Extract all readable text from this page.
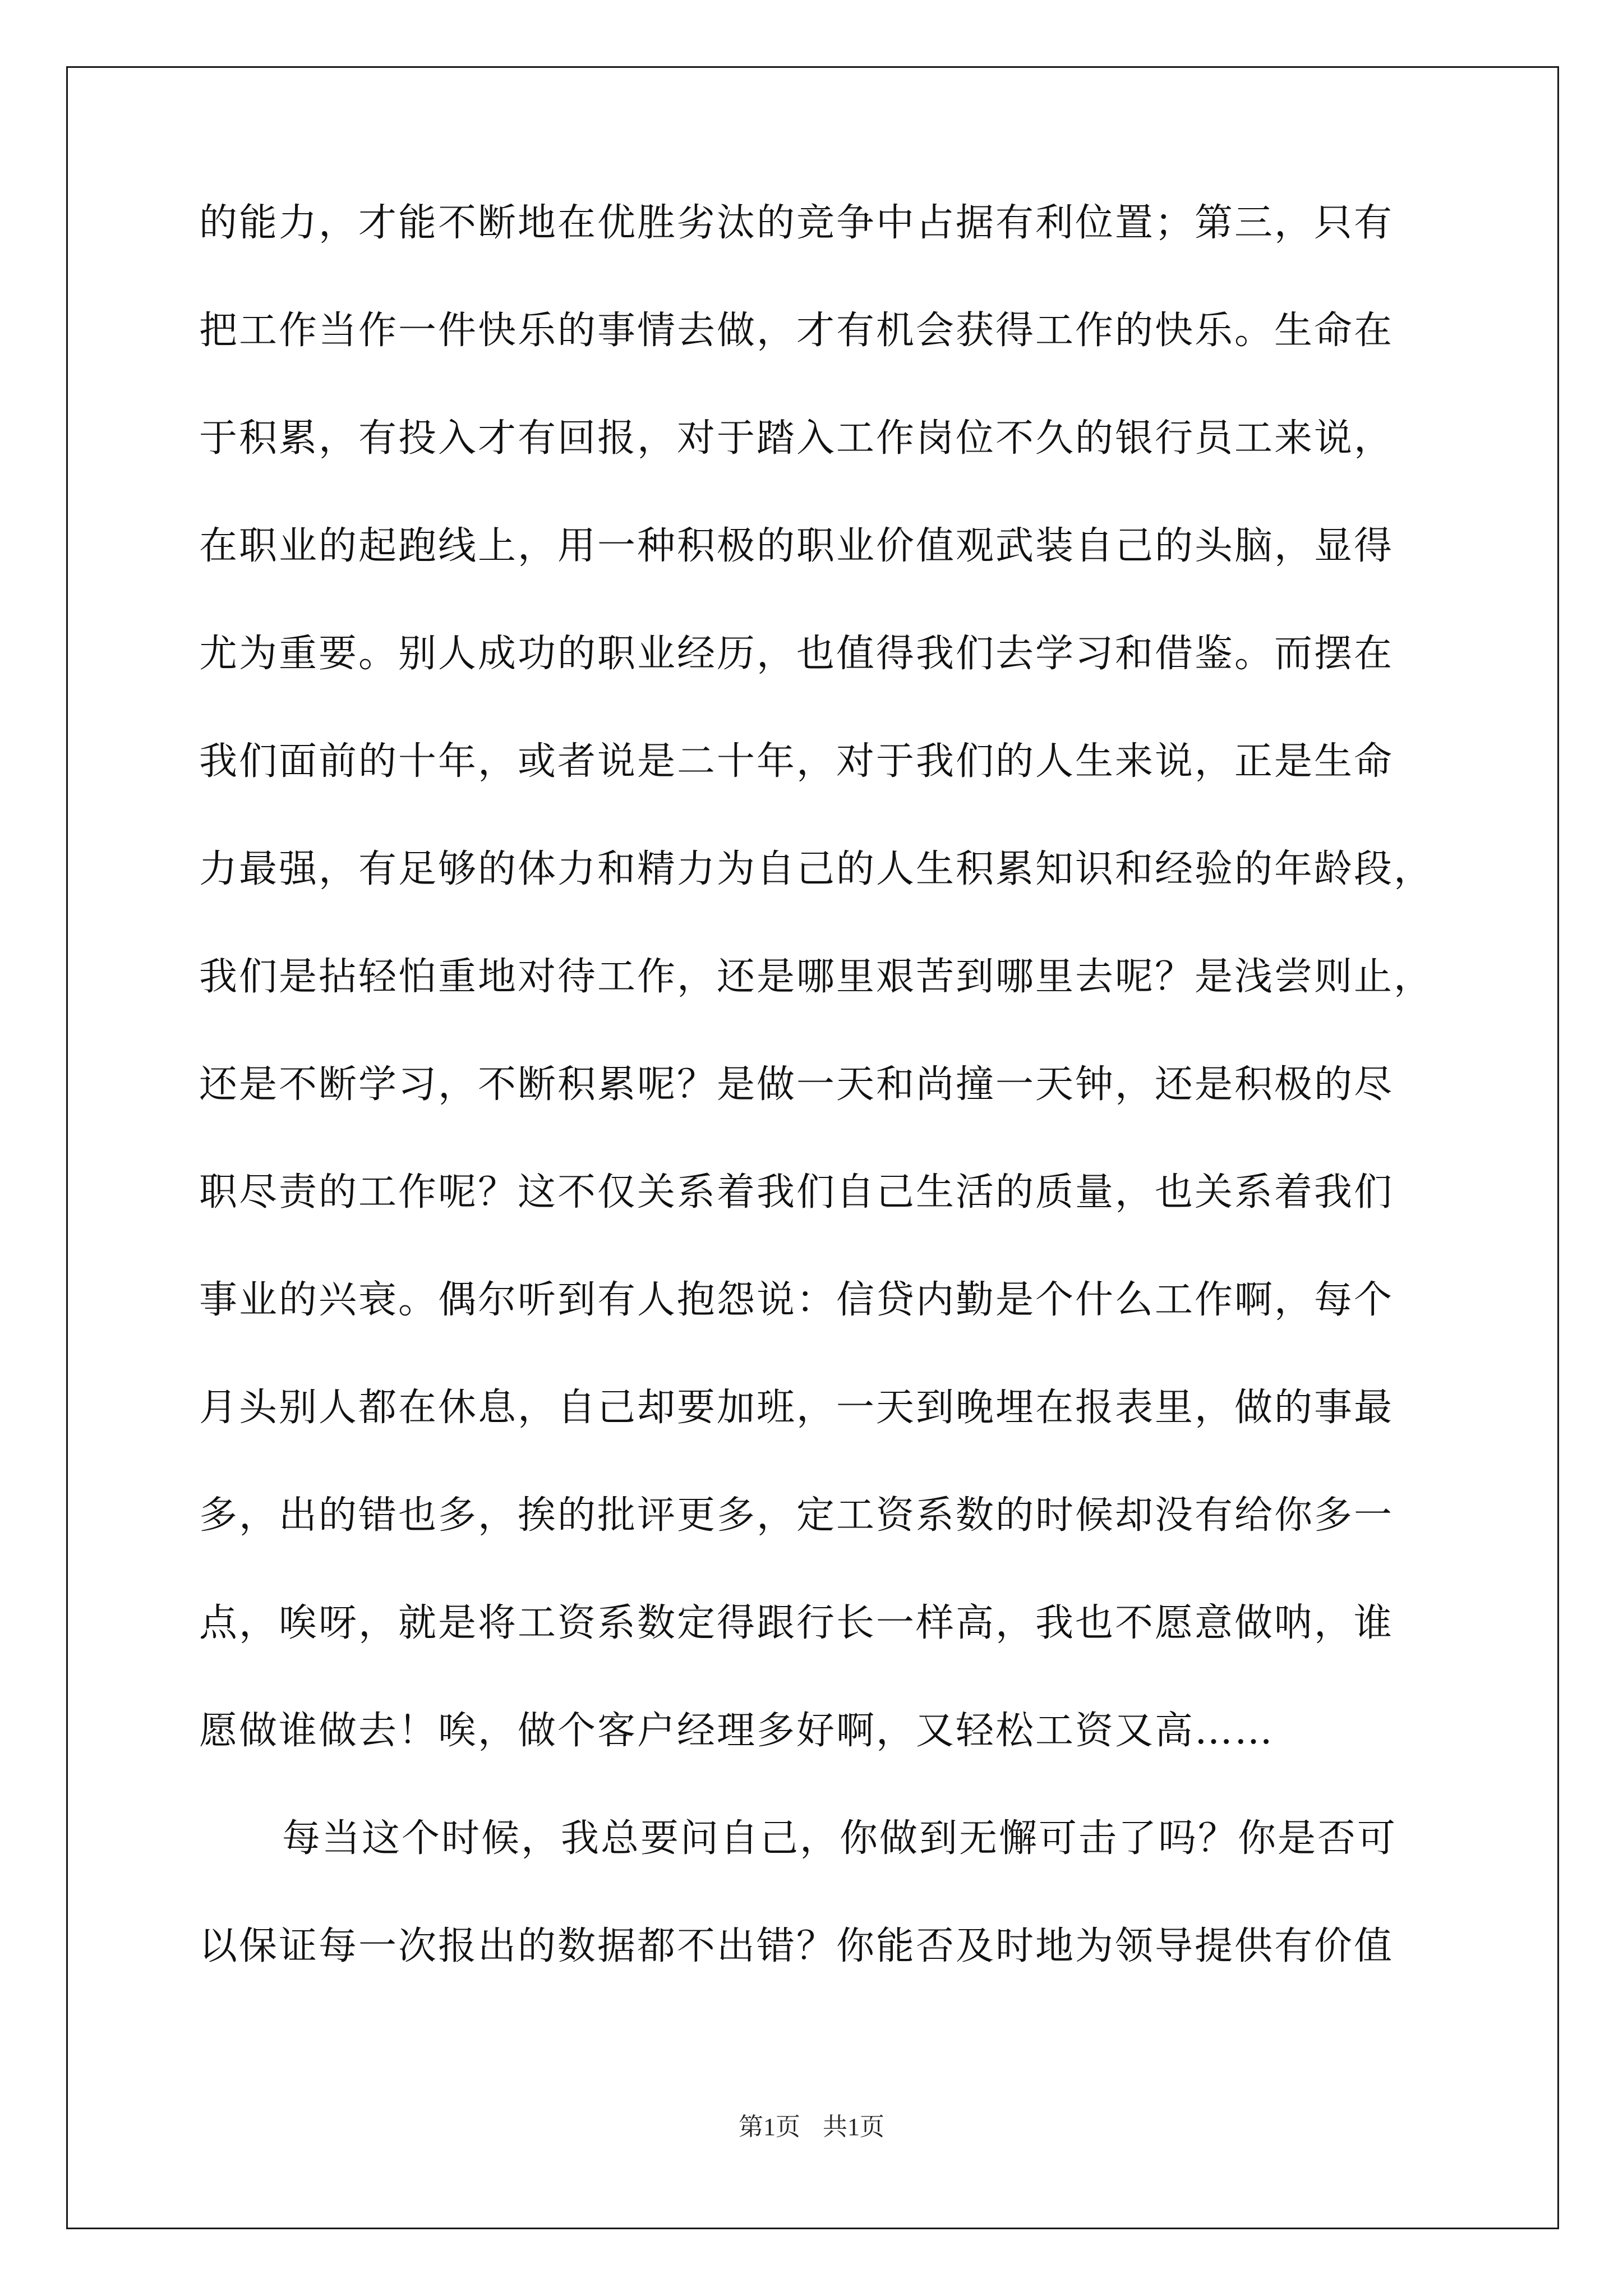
的能力，才能不断地在优胜劣汰的竞争中占据有利位置；第三，只有
把工作当作一件快乐的事情去做，才有机会获得工作的快乐。生命在
于积累，有投入才有回报，对于踏入工作岗位不久的银行员工来说，
在职业的起跑线上，用一种积极的职业价值观武装自己的头脑，显得
尤为重要。别人成功的职业经历，也值得我们去学习和借鉴。而摆在
我们面前的十年，或者说是二十年，对于我们的人生来说，正是生命
力最强，有足够的体力和精力为自己的人生积累知识和经验的年龄段，
我们是拈轻怕重地对待工作，还是哪里艰苦到哪里去呢？是浅尝则止，
还是不断学习，不断积累呢？是做一天和尚撞一天钟，还是积极的尽
职尽责的工作呢？这不仅关系着我们自己生活的质量，也关系着我们
事业的兴衰。偶尔听到有人抱怨说：信贷内勤是个什么工作啊，每个
月头别人都在休息，自己却要加班，一天到晚埋在报表里，做的事最
多，出的错也多，挨的批评更多，定工资系数的时候却没有给你多一
点，唉呀，就是将工资系数定得跟行长一样高，我也不愿意做呐，谁
愿做谁做去！唉，做个客户经理多好啊，又轻松工资又高……
每当这个时候，我总要问自己，你做到无懈可击了吗？你是否可
以保证每一次报出的数据都不出错？你能否及时地为领导提供有价值
第1页 共1页
